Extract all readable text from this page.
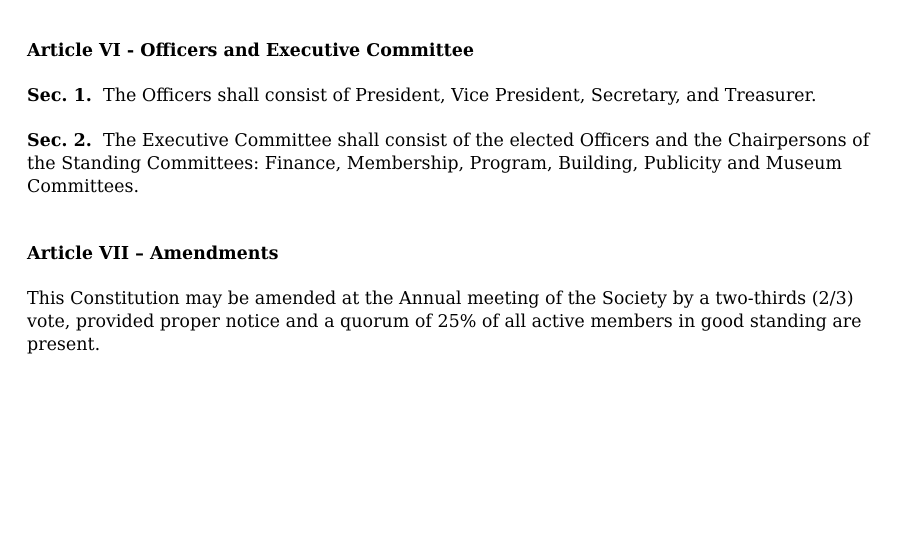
Article VI - Officers and Executive Committee

Sec. 1. The Officers shall consist of President, Vice President, Secretary, and Treasurer.

Sec. 2. The Executive Committee shall consist of the elected Officers and the Chairpersons of the Standing Committees: Finance, Membership, Program, Building, Publicity and Museum Committees.

Article VII – Amendments

This Constitution may be amended at the Annual meeting of the Society by a two-thirds (2/3) vote, provided proper notice and a quorum of 25% of all active members in good standing are present.
